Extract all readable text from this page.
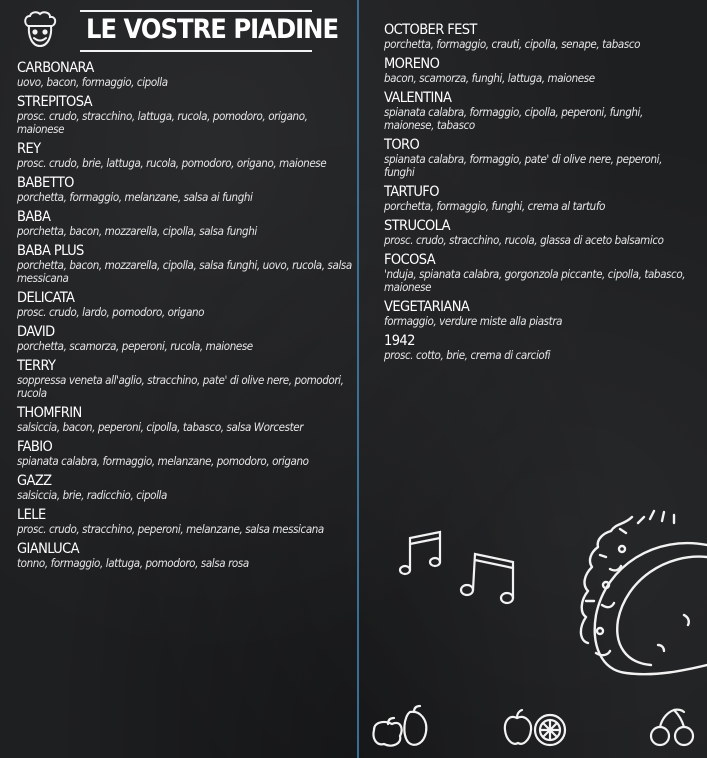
LE VOSTRE PIADINE
CARBONARA
uovo, bacon, formaggio, cipolla
STREPITOSA
prosc. crudo, stracchino, lattuga, rucola, pomodoro, origano, maionese
REY
prosc. crudo, brie, lattuga, rucola, pomodoro, origano, maionese
BABETTO
porchetta, formaggio, melanzane, salsa ai funghi
BABA
porchetta, bacon, mozzarella, cipolla, salsa funghi
BABA PLUS
porchetta, bacon, mozzarella, cipolla, salsa funghi, uovo, rucola, salsa messicana
DELICATA
prosc. crudo, lardo, pomodoro, origano
DAVID
porchetta, scamorza, peperoni, rucola, maionese
TERRY
soppressa veneta all'aglio, stracchino, pate' di olive nere, pomodori, rucola
THOMFRIN
salsiccia, bacon, peperoni, cipolla, tabasco, salsa Worcester
FABIO
spianata calabra, formaggio, melanzane, pomodoro, origano
GAZZ
salsiccia, brie, radicchio, cipolla
LELE
prosc. crudo, stracchino, peperoni, melanzane, salsa messicana
GIANLUCA
tonno, formaggio, lattuga, pomodoro, salsa rosa
OCTOBER FEST
porchetta, formaggio, crauti, cipolla, senape, tabasco
MORENO
bacon, scamorza, funghi, lattuga, maionese
VALENTINA
spianata calabra, formaggio, cipolla, peperoni, funghi, maionese, tabasco
TORO
spianata calabra, formaggio, pate' di olive nere, peperoni, funghi
TARTUFO
porchetta, formaggio, funghi, crema al tartufo
STRUCOLA
prosc. crudo, stracchino, rucola, glassa di aceto balsamico
FOCOSA
'nduja, spianata calabra, gorgonzola piccante, cipolla, tabasco, maionese
VEGETARIANA
formaggio, verdure miste alla piastra
1942
prosc. cotto, brie, crema di carciofi
